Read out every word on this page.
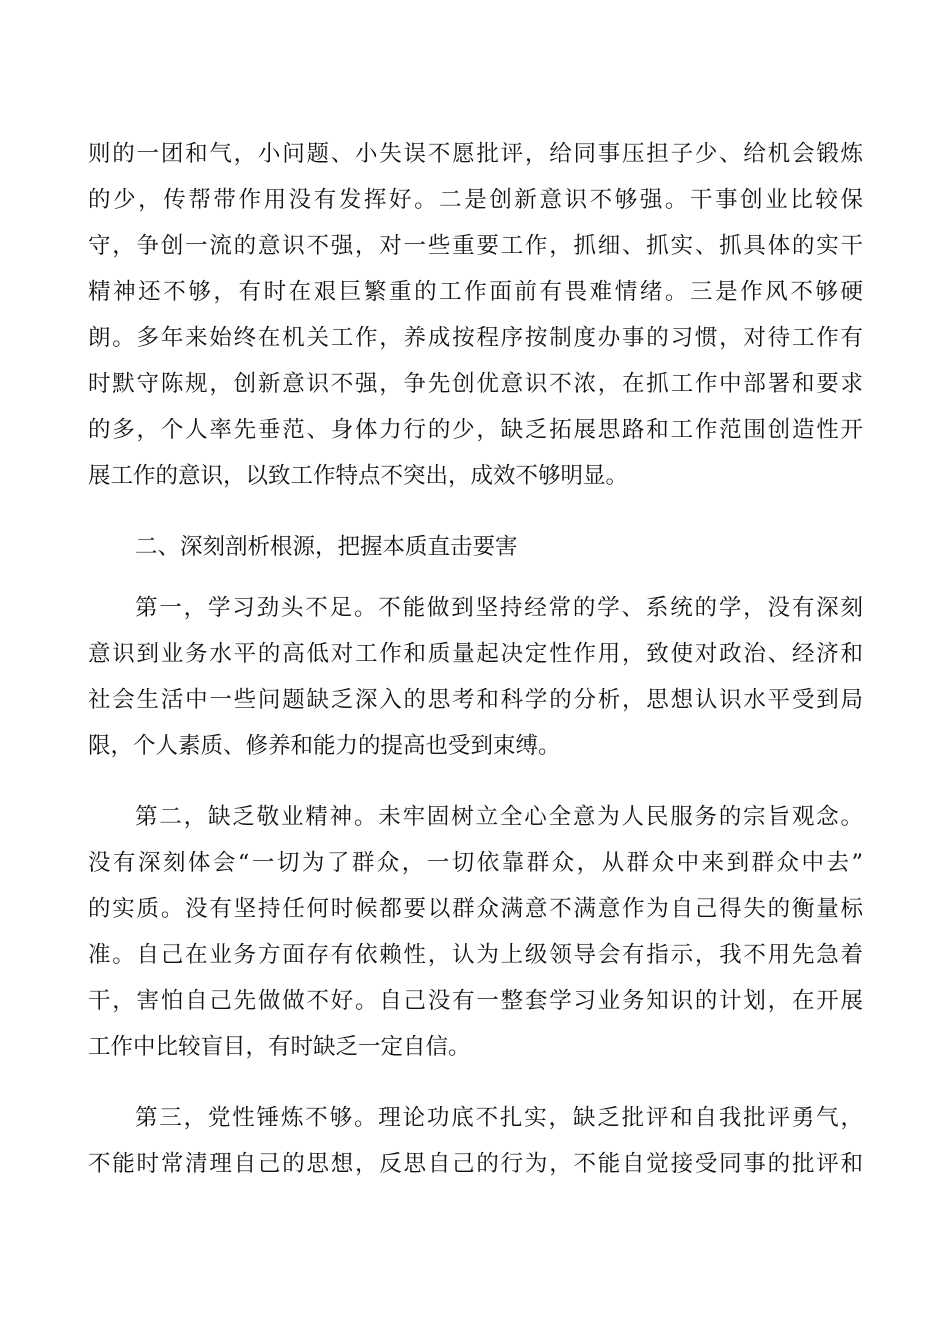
则的一团和气，小问题、小失误不愿批评，给同事压担子少、给机会锻炼
的少，传帮带作用没有发挥好。二是创新意识不够强。干事创业比较保
守，争创一流的意识不强，对一些重要工作，抓细、抓实、抓具体的实干
精神还不够，有时在艰巨繁重的工作面前有畏难情绪。三是作风不够硬
朗。多年来始终在机关工作，养成按程序按制度办事的习惯，对待工作有
时默守陈规，创新意识不强，争先创优意识不浓，在抓工作中部署和要求
的多，个人率先垂范、身体力行的少，缺乏拓展思路和工作范围创造性开
展工作的意识，以致工作特点不突出，成效不够明显。
二、深刻剖析根源，把握本质直击要害
第一，学习劲头不足。不能做到坚持经常的学、系统的学，没有深刻
意识到业务水平的高低对工作和质量起决定性作用，致使对政治、经济和
社会生活中一些问题缺乏深入的思考和科学的分析，思想认识水平受到局
限，个人素质、修养和能力的提高也受到束缚。
第二，缺乏敬业精神。未牢固树立全心全意为人民服务的宗旨观念。
没有深刻体会“一切为了群众，一切依靠群众，从群众中来到群众中去”
的实质。没有坚持任何时候都要以群众满意不满意作为自己得失的衡量标
准。自己在业务方面存有依赖性，认为上级领导会有指示，我不用先急着
干，害怕自己先做做不好。自己没有一整套学习业务知识的计划，在开展
工作中比较盲目，有时缺乏一定自信。
第三，党性锤炼不够。理论功底不扎实，缺乏批评和自我批评勇气，
不能时常清理自己的思想，反思自己的行为，不能自觉接受同事的批评和
